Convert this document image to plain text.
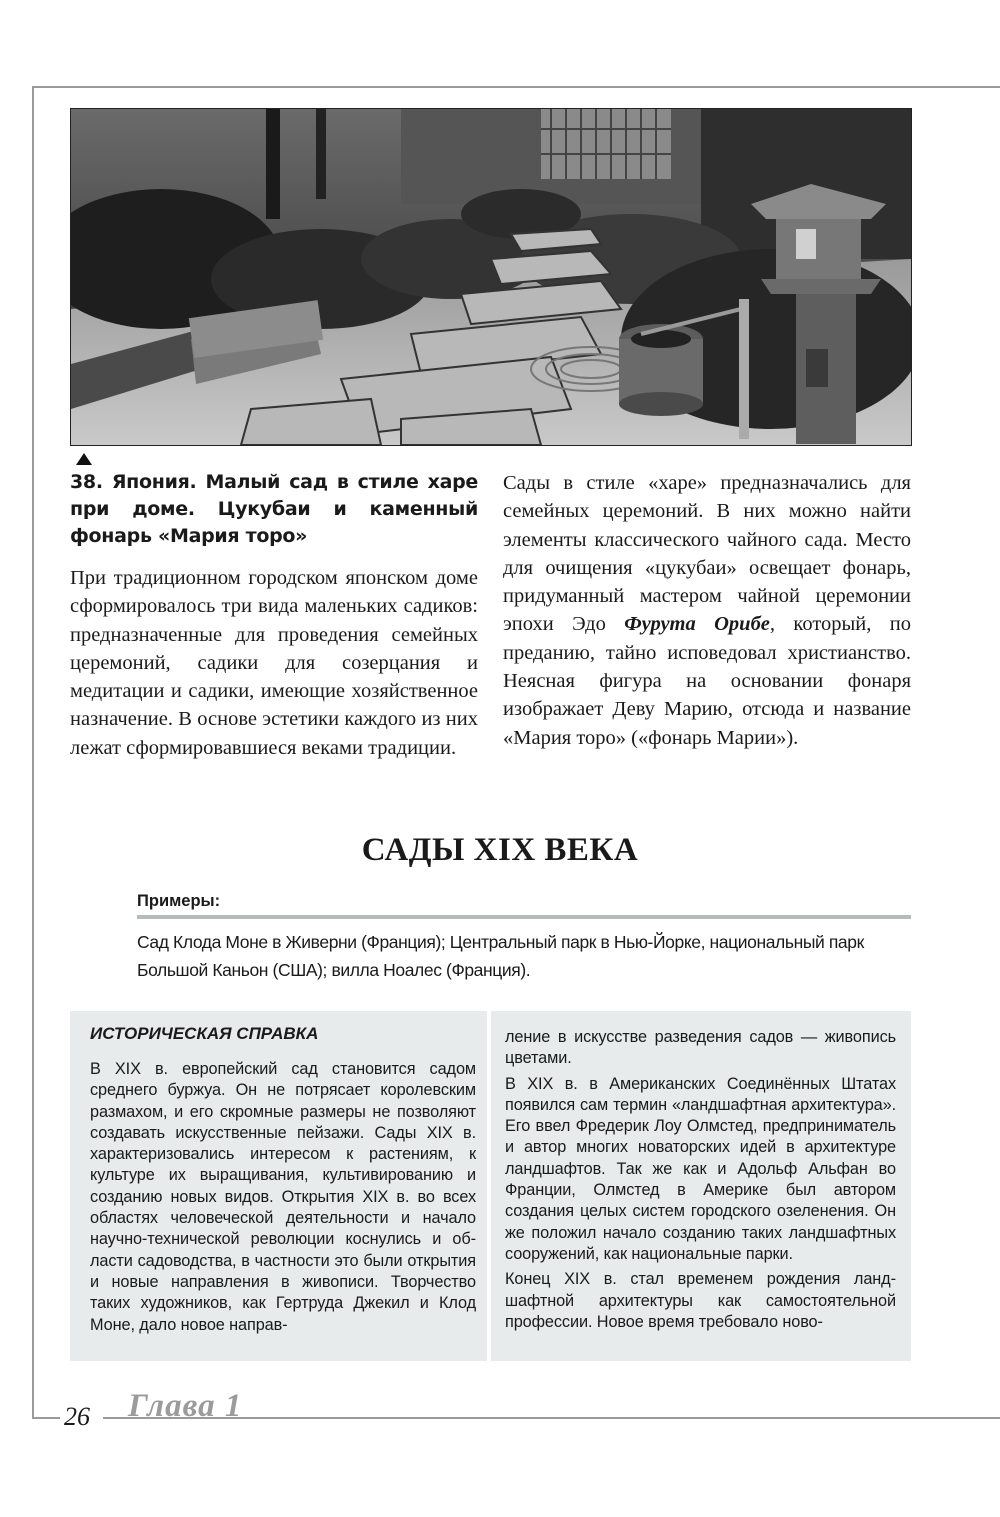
38. Япония. Малый сад в стиле харе при доме. Цукубаи и каменный фонарь «Мария торо»

При традиционном городском японском доме сформировалось три вида маленьких садиков: предназначенные для проведения семейных церемоний, садики для созерцания и медитации и садики, имеющие хозяйственное назначение. В основе эстетики каждого из них лежат сформировавшиеся веками традиции.

Сады в стиле «харе» предназначались для семейных церемоний. В них можно найти элементы классического чайного сада. Место для очищения «цукубаи» освещает фонарь, придуманный мастером чайной церемонии эпохи Эдо Фурута Орибе, который, по преданию, тайно исповедовал христианство. Неясная фигура на основании фонаря изображает Деву Марию, отсюда и название «Мария торо» («фонарь Марии»).

САДЫ XIX ВЕКА

Примеры:

Сад Клода Моне в Живерни (Франция); Центральный парк в Нью-Йорке, национальный парк Большой Каньон (США); вилла Ноалес (Франция).

ИСТОРИЧЕСКАЯ СПРАВКА

В XIX в. европейский сад становится садом среднего буржуа. Он не потрясает королевским размахом, и его скромные размеры не позволяют создавать искусственные пейзажи. Сады XIX в. характеризовались интересом к растениям, к культуре их выращивания, культивированию и созданию новых видов. Открытия XIX в. во всех областях человеческой деятельности и начало научно-технической революции коснулись и области садоводства, в частности это были открытия и новые направления в живописи. Творчество таких художников, как Гертруда Джекил и Клод Моне, дало новое направ-

ление в искусстве разведения садов — живопись цветами.

В XIX в. в Американских Соединённых Штатах появился сам термин «ландшафтная архитектура». Его ввел Фредерик Лоу Олмстед, предприниматель и автор многих новаторских идей в архитектуре ландшафтов. Так же как и Адольф Альфан во Франции, Олмстед в Америке был автором создания целых систем городского озеленения. Он же положил начало созданию таких ландшафтных сооружений, как национальные парки.

Конец XIX в. стал временем рождения ландшафтной архитектуры как самостоятельной профессии. Новое время требовало ново-

26 Глава 1
